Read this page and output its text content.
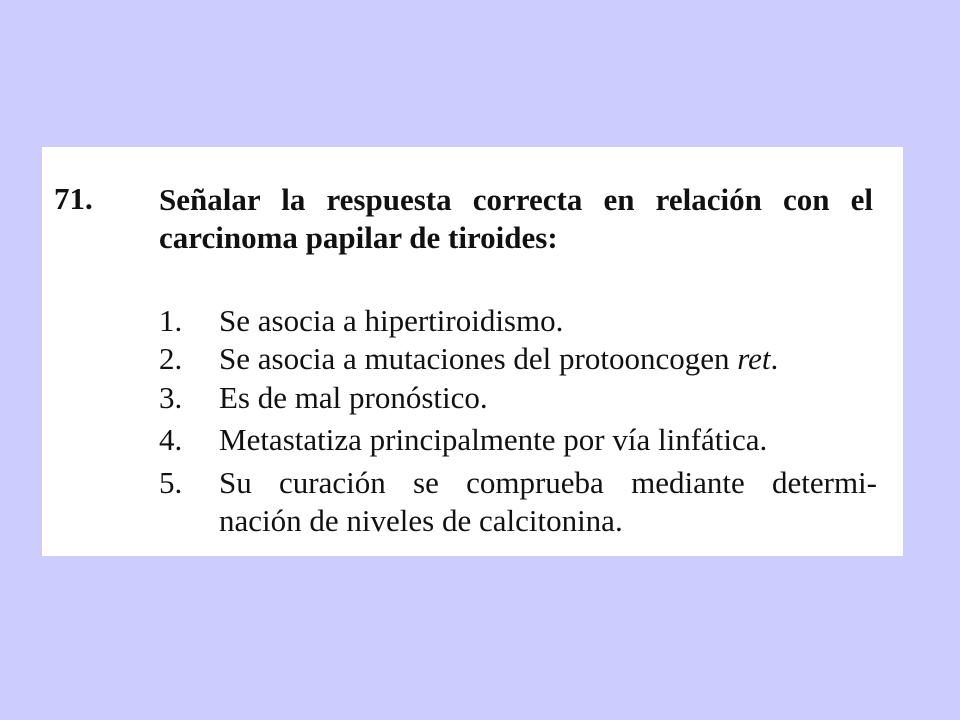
71. Señalar la respuesta correcta en relación con el carcinoma papilar de tiroides:
1. Se asocia a hipertiroidismo.
2. Se asocia a mutaciones del protooncogen ret.
3. Es de mal pronóstico.
4. Metastatiza principalmente por vía linfática.
5. Su curación se comprueba mediante determi-
nación de niveles de calcitonina.
